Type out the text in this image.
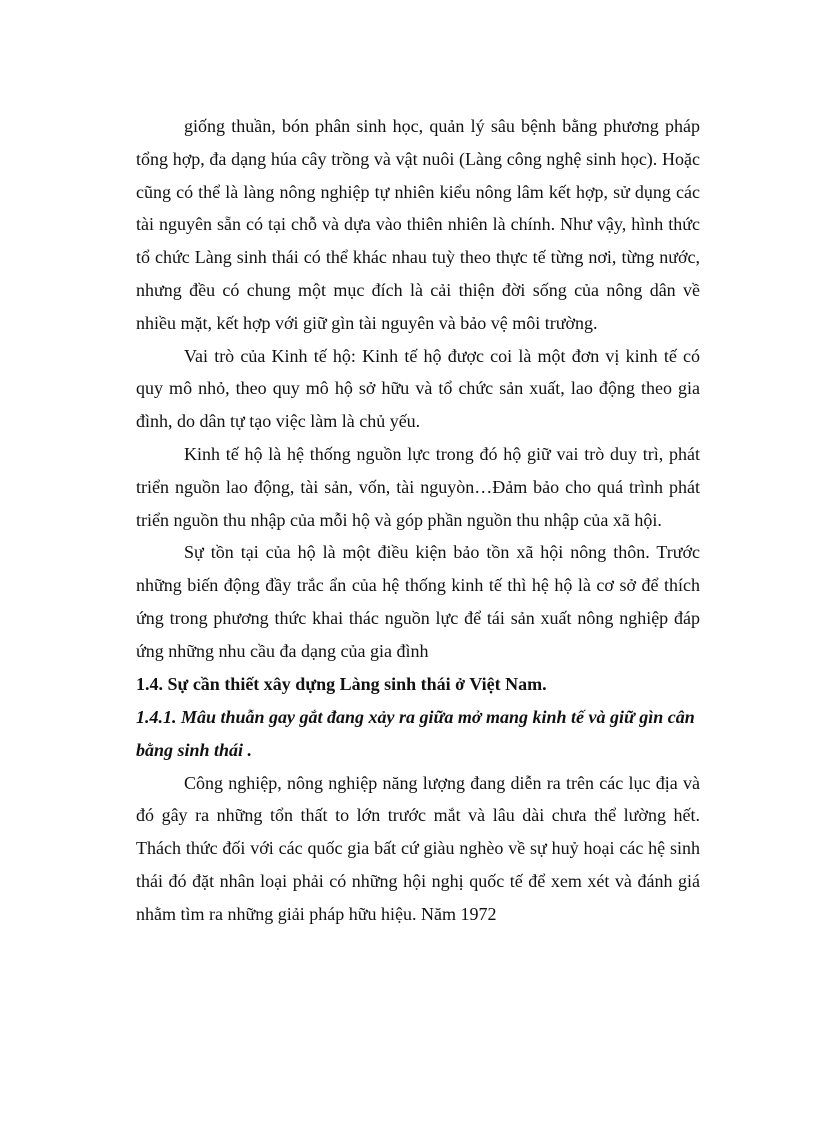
giống thuần, bón phân sinh học, quản lý sâu bệnh bằng phương pháp tổng hợp, đa dạng húa cây trồng và vật nuôi (Làng công nghệ sinh học). Hoặc cũng có thể là làng nông nghiệp tự nhiên kiểu nông lâm kết hợp, sử dụng các tài nguyên sẵn có tại chỗ và dựa vào thiên nhiên là chính. Như vậy, hình thức tổ chức Làng sinh thái có thể khác nhau tuỳ theo thực tế từng nơi, từng nước, nhưng đều có chung một mục đích là cải thiện đời sống của nông dân về nhiều mặt, kết hợp với giữ gìn tài nguyên và bảo vệ môi trường.

Vai trò của Kinh tế hộ: Kinh tế hộ được coi là một đơn vị kinh tế có quy mô nhỏ, theo quy mô hộ sở hữu và tổ chức sản xuất, lao động theo gia đình, do dân tự tạo việc làm là chủ yếu.

Kinh tế hộ là hệ thống nguồn lực trong đó hộ giữ vai trò duy trì, phát triển nguồn lao động, tài sản, vốn, tài nguyòn…Đảm bảo cho quá trình phát triển nguồn thu nhập của mỗi hộ và góp phần nguồn thu nhập của xã hội.

Sự tồn tại của hộ là một điều kiện bảo tồn xã hội nông thôn. Trước những biến động đầy trắc ẩn của hệ thống kinh tế thì hệ hộ là cơ sở để thích ứng trong phương thức khai thác nguồn lực để tái sản xuất nông nghiệp đáp ứng những nhu cầu đa dạng của gia đình

1.4. Sự cần thiết xây dựng Làng sinh thái ở Việt Nam.

1.4.1. Mâu thuẫn gay gắt đang xảy ra giữa mở mang kinh tế và giữ gìn cân bằng sinh thái .

Công nghiệp, nông nghiệp năng lượng đang diễn ra trên các lục địa và đó gây ra những tổn thất to lớn trước mắt và lâu dài chưa thể lường hết. Thách thức đối với các quốc gia bất cứ giàu nghèo về sự huỷ hoại các hệ sinh thái đó đặt nhân loại phải có những hội nghị quốc tế để xem xét và đánh giá nhằm tìm ra những giải pháp hữu hiệu. Năm 1972
